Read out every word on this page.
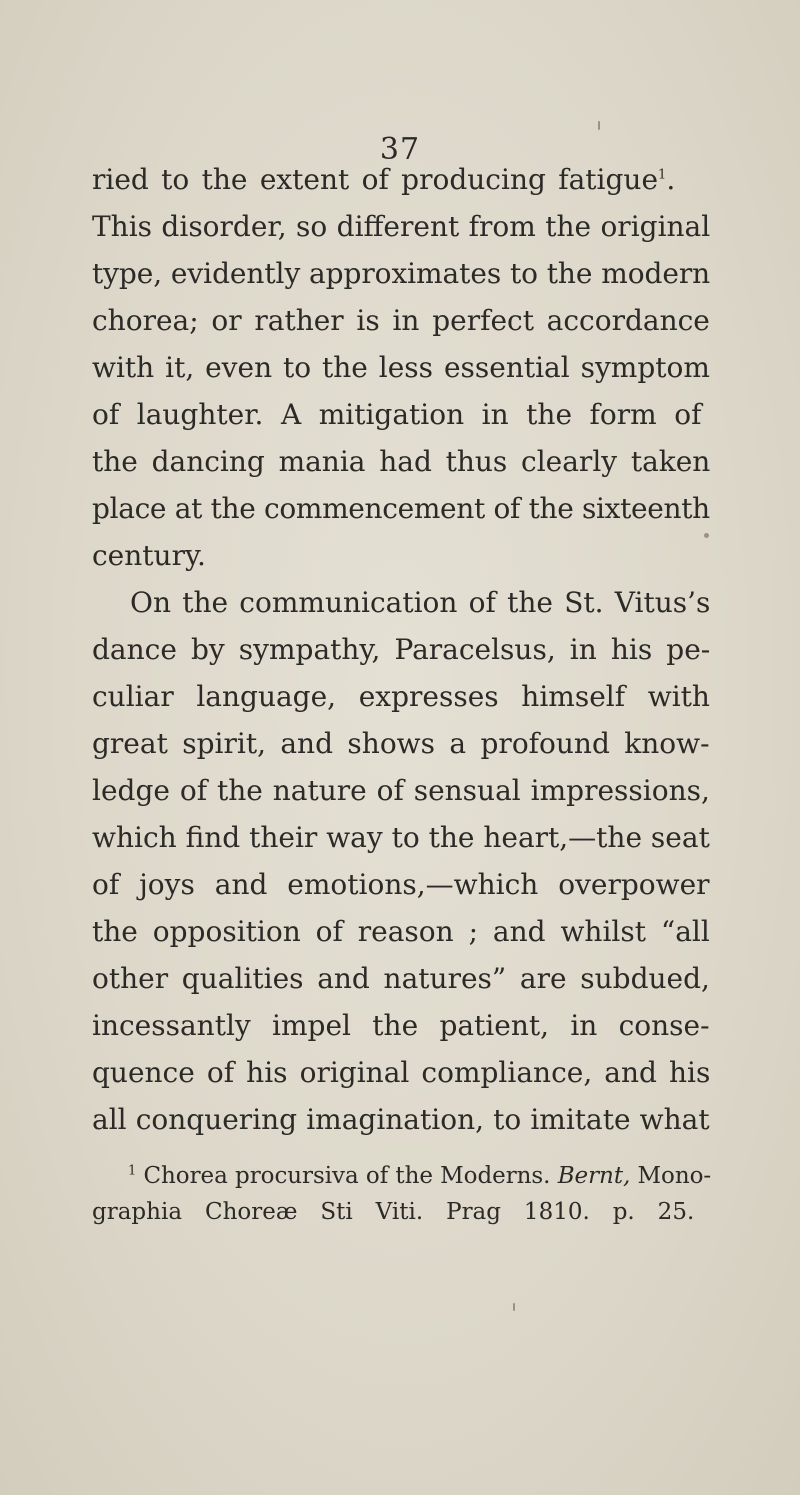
37
ried to the extent of producing fatigue$^1$.
This disorder, so different from the original
type, evidently approximates to the modern
chorea; or rather is in perfect accordance
with it, even to the less essential symptom
of laughter. A mitigation in the form of
the dancing mania had thus clearly taken
place at the commencement of the sixteenth
century.
On the communication of the St. Vitus’s
dance by sympathy, Paracelsus, in his pe-
culiar language, expresses himself with
great spirit, and shows a profound know-
ledge of the nature of sensual impressions,
which find their way to the heart,—the seat
of joys and emotions,—which overpower
the opposition of reason ; and whilst “all
other qualities and natures” are subdued,
incessantly impel the patient, in conse-
quence of his original compliance, and his
all conquering imagination, to imitate what
$^1$ Chorea procursiva of the Moderns. Bernt, Mono-
graphia Choreæ Sti Viti. Prag 1810. p. 25.
